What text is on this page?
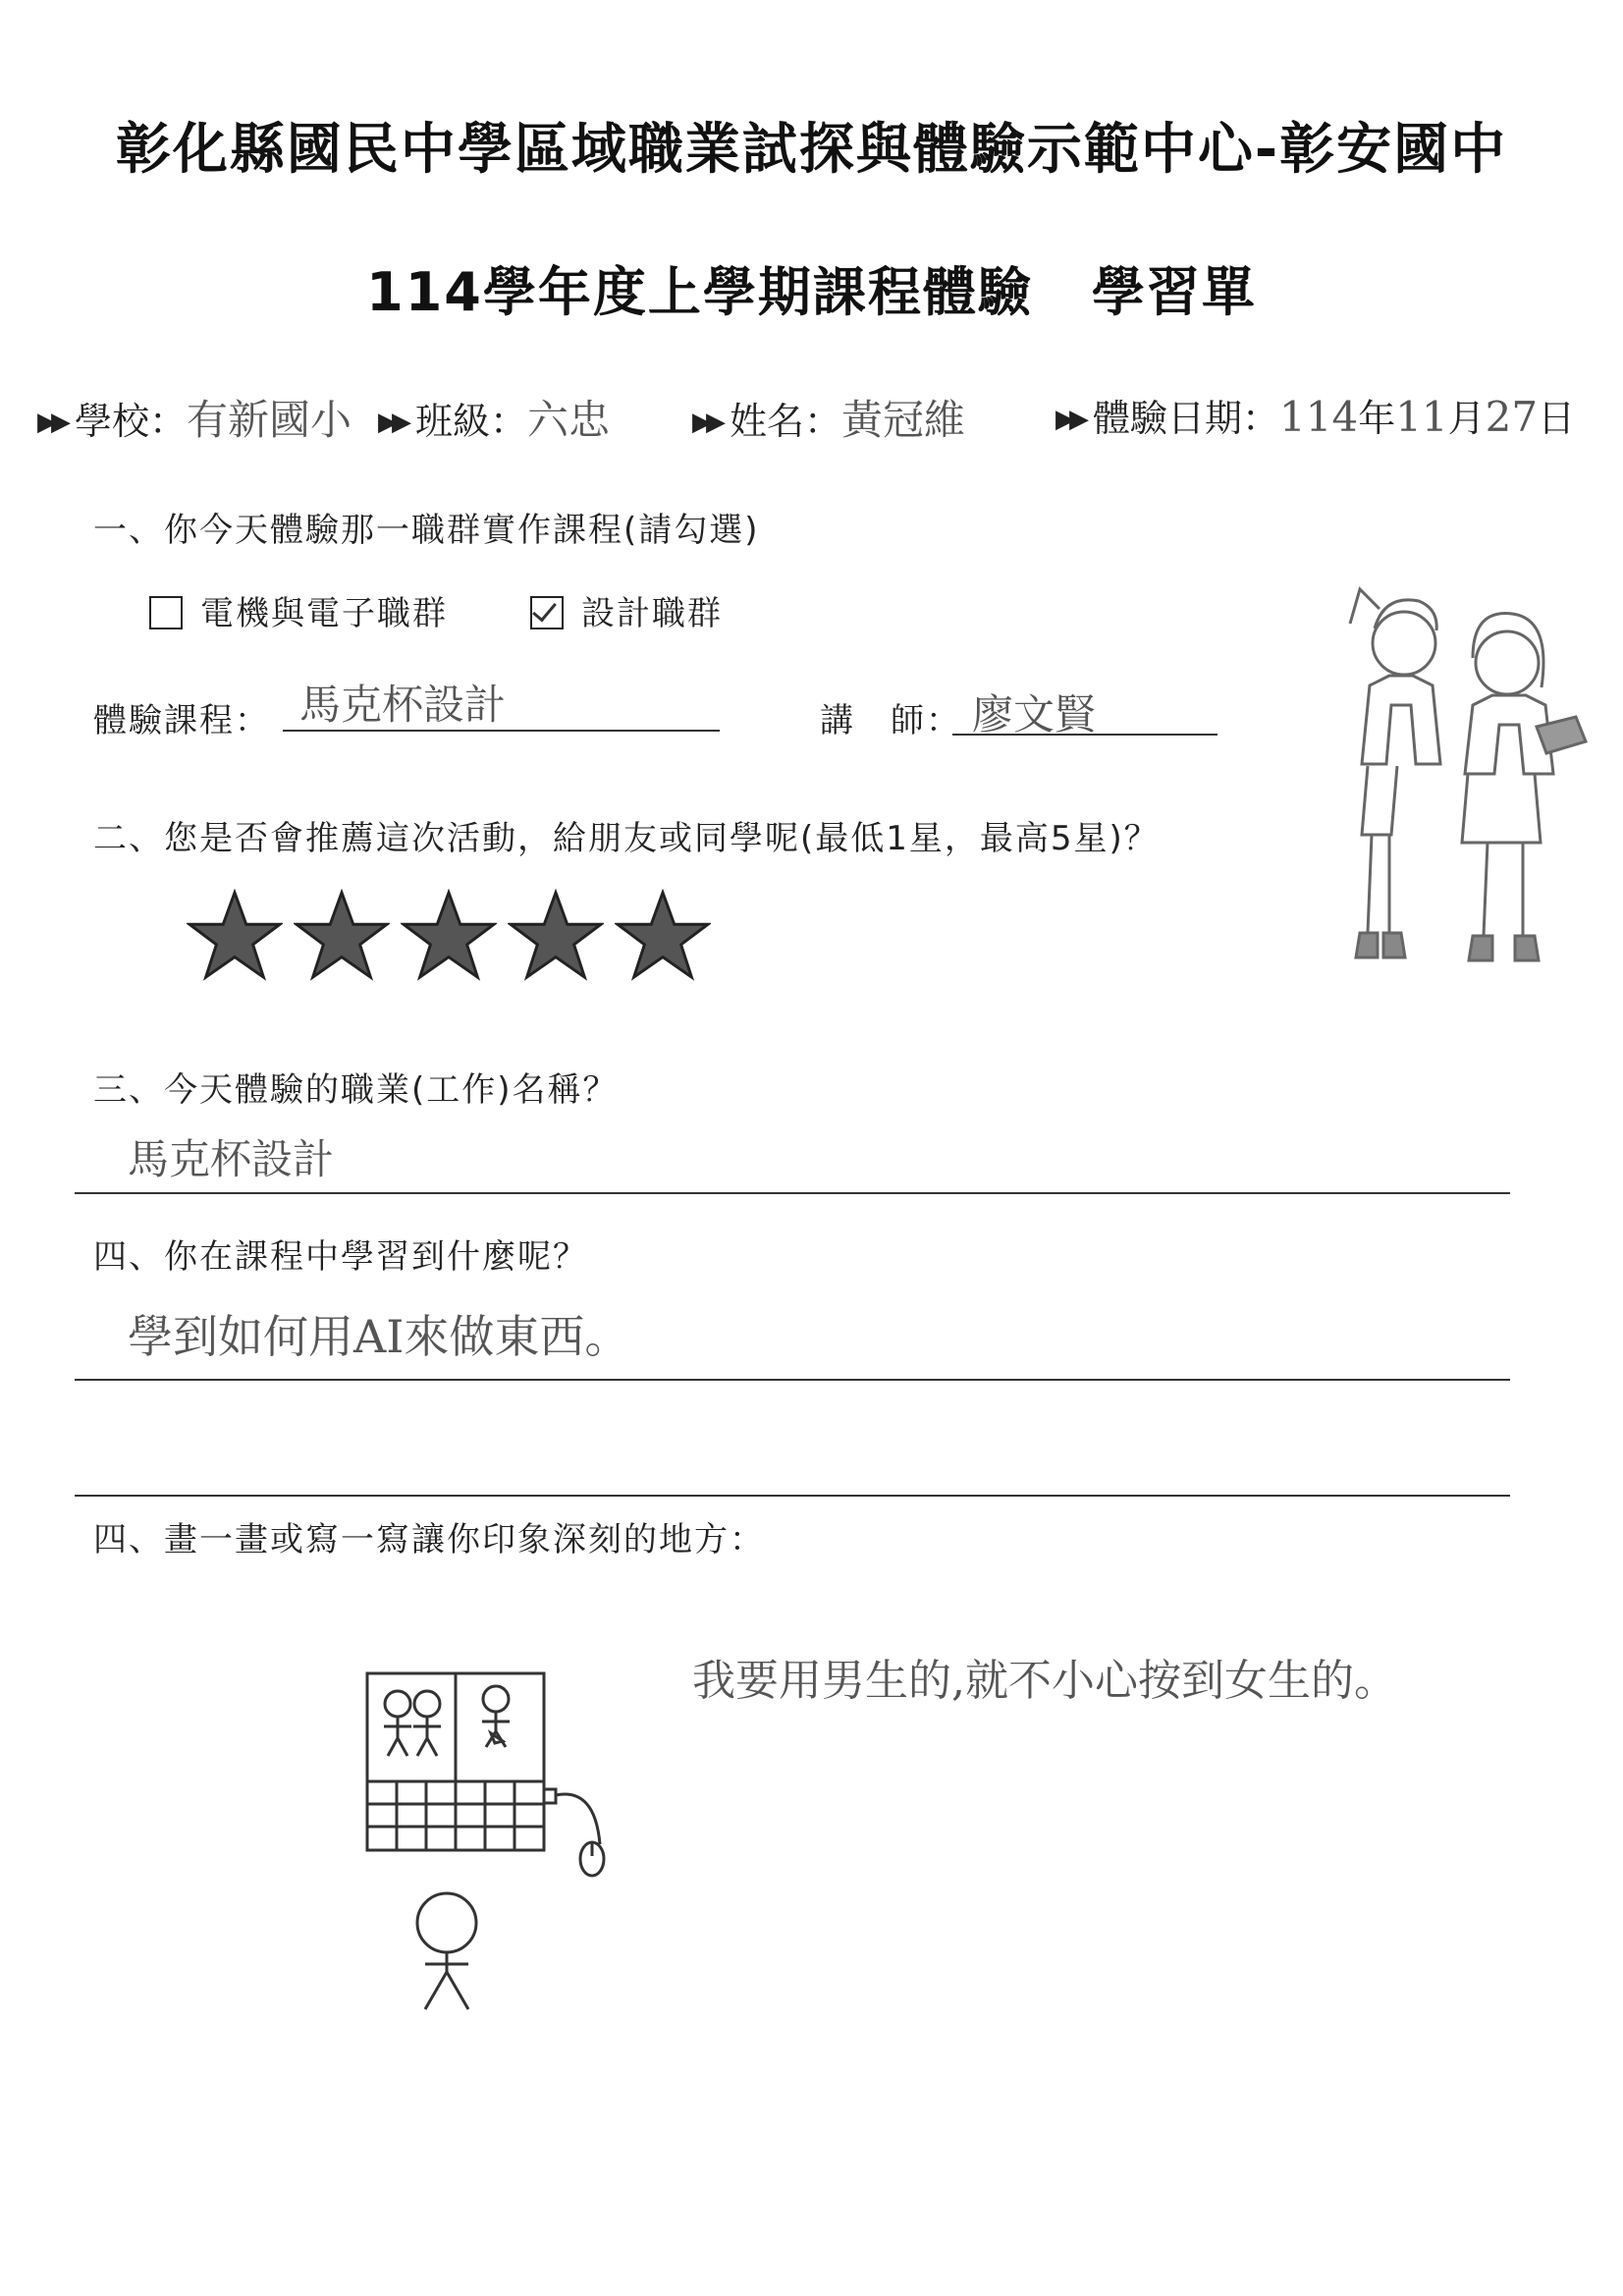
彰化縣國民中學區域職業試探與體驗示範中心-彰安國中
114學年度上學期課程體驗 學習單
▶▶ 學校：有新國小 ▶▶ 班級：六忠	▶▶ 姓名：黃冠維	▶▶ 體驗日期：114年11月27日
一、你今天體驗那一職群實作課程(請勾選)
電機與電子職群	設計職群
體驗課程： 馬克杯設計	講　師： 廖文賢
二、您是否會推薦這次活動，給朋友或同學呢(最低1星，最高5星)？

三、今天體驗的職業(工作)名稱？
馬克杯設計
四、你在課程中學習到什麼呢？
學到如何用AI來做東西。
四、畫一畫或寫一寫讓你印象深刻的地方：
我要用男生的,就不小心按到女生的。
